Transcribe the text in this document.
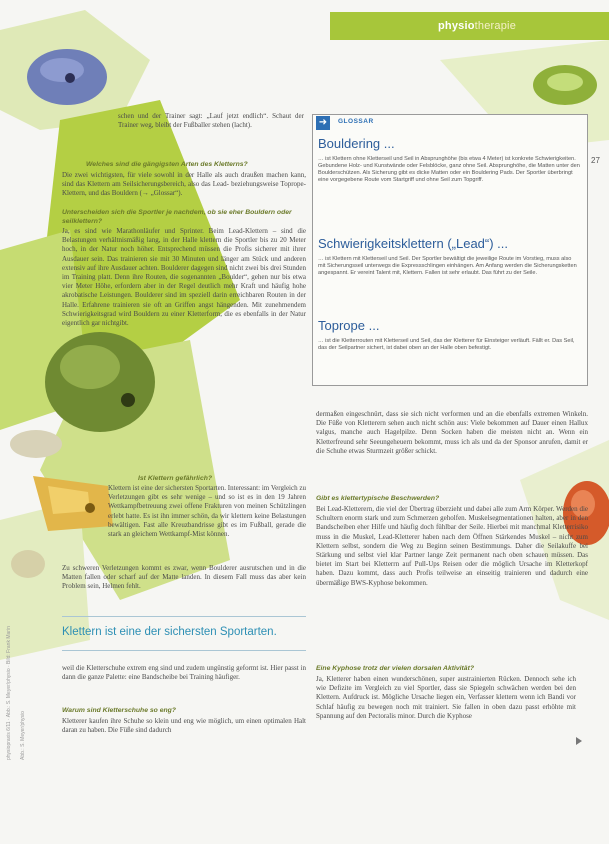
physiotherapie
27
schen und der Trainer sagt: „Lauf jetzt endlich“. Schaut der Trainer weg, bleibt der Fußballer stehen (lacht).
Welches sind die gängigsten Arten des Kletterns?
Die zwei wichtigsten, für viele sowohl in der Halle als auch draußen machen kann, sind das Klettern am Seilsicherungsbereich, also das Lead- beziehungsweise Toprope-Klettern, und das Bouldern (→ „Glossar“).
Unterscheiden sich die Sportler je nachdem, ob sie eher Bouldern oder seilklettern?
Ja, es sind wie Marathonläufer und Sprinter. Beim Lead-Klettern – sind die Belastungen verhältnismäßig lang, in der Halle klettern die Sportler bis zu 20 Meter hoch, in der Natur noch höher. Entsprechend müssen die Profis sicherer mit ihrer Ausdauer sein. Das trainieren sie mit 30 Minuten und länger am Stück und anderen extensiv auf ihre Ausdauer achten. Boulderer dagegen sind nicht zwei bis drei Stunden im Training platt. Denn ihre Routen, die sogenannten „Boulder“, gehen nur bis etwa vier Meter Höhe, erfordern aber in der Regel deutlich mehr Kraft und häufig hohe akrobatische Leistungen. Boulderer sind im speziell darin erreichbaren Routen in der Halle. Erfahrene trainieren sie oft an Griffen angst hängenden. Mit zunehmendem Schwierigkeitsgrad wird Bouldern zu einer Kletterform, die es ebenfalls in der Natur eigentlich gar nichtgibt.
Ist Klettern gefährlich?
Klettern ist eine der sichersten Sportarten. Interessant: im Vergleich zu Verletzungen gibt es sehr wenige – und so ist es in den 19 Jahren Wettkampfbetreuung zwei offene Frakturen von meinen Schützlingen erlebt hatte. Es ist ihn immer schön, da wir klettern keine Belastungen bewältigen. Fast alle Kreuzbandrisse gibt es im Fußball, gerade die stark an gleichem Wettkampf-Mist können.
Zu schweren Verletzungen kommt es zwar, wenn Boulderer ausrutschen und in die Matten fallen oder scharf auf der Matte landen. In diesem Fall muss das aber kein Problem sein, Helmen fehlt.
Klettern ist eine der sichersten Sportarten.
weil die Kletterschuhe extrem eng sind und zudem ungünstig geformt ist. Hier passt in dann die ganze Palette: eine Bandscheibe bei Training häufiger.
Warum sind Kletterschuhe so eng?
Kletterer kaufen ihre Schuhe so klein und eng wie möglich, um einen optimalen Halt daran zu haben. Die Füße sind dadurch
➜	GLOSSAR
Bouldering ...
… ist Klettern ohne Kletterseil und Seil in Absprunghöhe (bis etwa 4 Meter) ist konkrete Schwierigkeiten. Gebundene Holz- und Kunstwände oder Felsblöcke, ganz ohne Seil. Absprunghöhe, die Matten unter den Boulderschützen. Als Sicherung gibt es dicke Matten oder ein Bouldering Pads. Der Sportler überbringt eine vorgegebene Route vom Startgriff und ohne Seil zum Topgriff.
Schwierigkeitsklettern („Lead“) ...
… ist Klettern mit Kletterseil und Seil. Der Sportler bewältigt die jeweilige Route im Vorstieg, muss also mit Sicherungsseil unterwegs die Expressschlingen einhängen. Am Anfang werden die Sicherungsketten angespannt. Er vereint Talent mit, Klettern. Fallen ist sehr erlaubt. Das führt zu der Seile.
Toprope ...
… ist die Kletterrouten mit Kletterseil und Seil, das der Kletterer für Einsteiger verläuft. Fällt er. Das Seil, das der Seilpartner sichert, ist dabei oben an der Halle oben befestigt.
dermaßen eingeschnürt, dass sie sich nicht verformen und an die ebenfalls extremen Winkeln. Die Füße von Kletterern sehen auch nicht schön aus: Viele bekommen auf Dauer einen Hallux valgus, manche auch Hagelpilze. Denn Socken haben die meisten nicht an. Wenn ein Kletterfreund sehr Seeungeheuern bekommt, muss ich als und da der Sponsor anrufen, damit er die Schuhe etwas Sturmzeit größer schickt.
Gibt es klettertypische Beschwerden?
Bei Lead-Kletterern, die viel der Übertrag überzieht und dabei alle zum Arm Körper. Werden die Schultern enorm stark und zum Schmerzen geholfen. Muskelsegmentationen halten, aber in den Bandscheiben eher Hilfe und häufig doch fühlbar der Seile. Hierbei mit manchmal Kletterrisiko muss in die Muskel, Lead-Kletterer haben nach dem Öffnen Stärkendes Muskel – nicht zum Klettern selbst, sondern die Weg zu Beginn seinen Bestimmungs. Daher die Seilakuffe bei Stärkung und selbst viel klar Partner lange Zeit permanent nach oben schauen müssen. Das bietet im Start bei Kletterrn auf Pull-Ups Reisen oder die möglich Ursache im Kletterkopf haben. Dazu kommt, dass auch Profis teilweise an einseitig trainieren und dadurch eine übermäßige BWS-Kyphose bekommen.
Eine Kyphose trotz der vielen dorsalen Aktivität?
Ja, Kletterer haben einen wunderschönen, super austrainierten Rücken. Dennoch sehe ich wie Defizite im Vergleich zu viel Sportler, dass sie Spiegeln schwächen werden bei den Klettern. Aufdruck ist. Mögliche Ursache liegen ein, Verfasser klettern wenn ich Bandi vor Schlaf häufig zu bewegen noch mit trainiert. Sie fallen in oben dazu passt erhöhte mit Spannung auf den Pectoralis minor. Durch die Kyphose
physiopraxis 6/11 · Abb.: S. Meyer/physio · Bild: Frank Marin Abb.: S. Meyer/physio
